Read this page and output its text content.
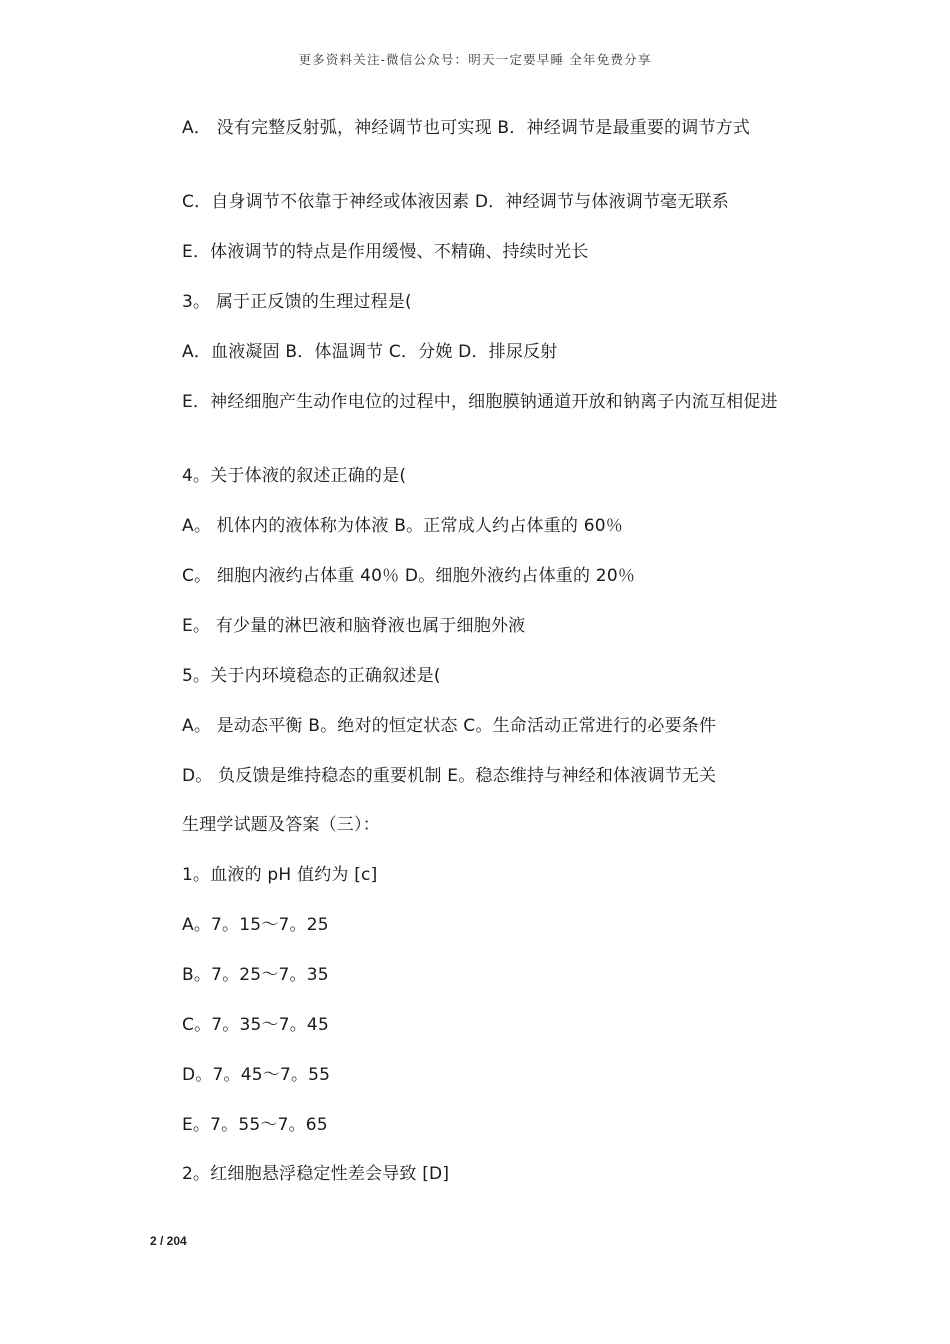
更多资料关注-微信公众号：明天一定要早睡 全年免费分享
A． 没有完整反射弧，神经调节也可实现 B．神经调节是最重要的调节方式
C．自身调节不依靠于神经或体液因素 D．神经调节与体液调节毫无联系
E．体液调节的特点是作用缓慢、不精确、持续时光长
3。 属于正反馈的生理过程是(
A．血液凝固 B．体温调节 C．分娩 D．排尿反射
E．神经细胞产生动作电位的过程中，细胞膜钠通道开放和钠离子内流互相促进
4。关于体液的叙述正确的是(
A。 机体内的液体称为体液 B。正常成人约占体重的 60％
C。 细胞内液约占体重 40％ D。细胞外液约占体重的 20％
E。 有少量的淋巴液和脑脊液也属于细胞外液
5。关于内环境稳态的正确叙述是(
A。 是动态平衡 B。绝对的恒定状态 C。生命活动正常进行的必要条件
D。 负反馈是维持稳态的重要机制 E。稳态维持与神经和体液调节无关
生理学试题及答案（三）：
1。血液的 pH 值约为 [c]
A。7。15～7。25
B。7。25～7。35
C。7。35～7。45
D。7。45～7。55
E。7。55～7。65
2。红细胞悬浮稳定性差会导致 [D]
2 / 204
